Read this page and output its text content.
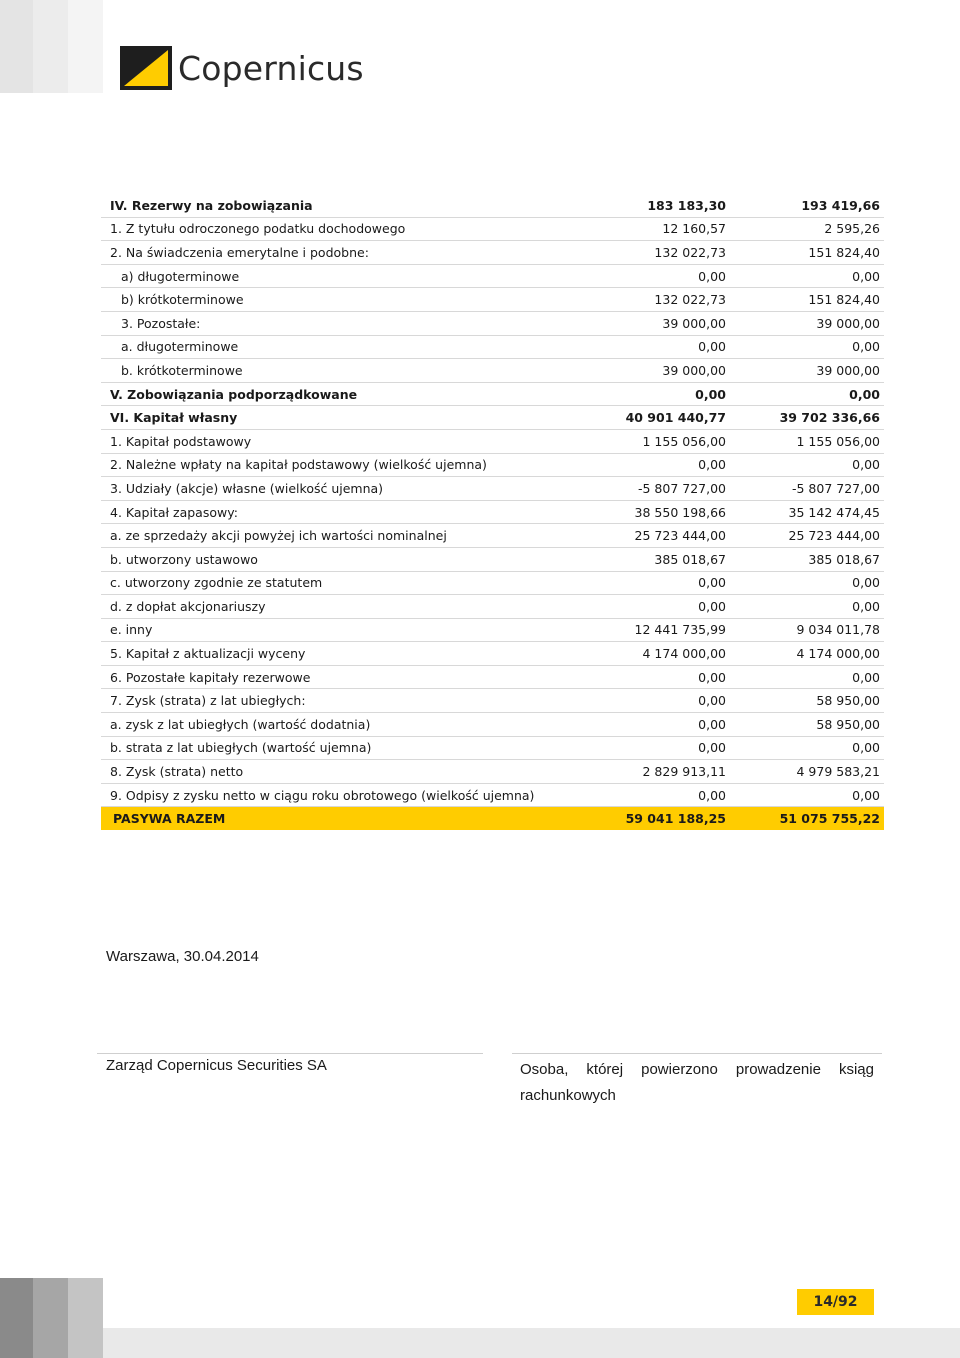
Copernicus
IV. Rezerwy na zobowiązania	183 183,30	193 419,66
1. Z tytułu odroczonego podatku dochodowego	12 160,57	2 595,26
2. Na świadczenia emerytalne i podobne:	132 022,73	151 824,40
a) długoterminowe	0,00	0,00
b) krótkoterminowe	132 022,73	151 824,40
3. Pozostałe:	39 000,00	39 000,00
a. długoterminowe	0,00	0,00
b. krótkoterminowe	39 000,00	39 000,00
V. Zobowiązania podporządkowane	0,00	0,00
VI. Kapitał własny	40 901 440,77	39 702 336,66
1. Kapitał podstawowy	1 155 056,00	1 155 056,00
2. Należne wpłaty na kapitał podstawowy (wielkość ujemna)	0,00	0,00
3. Udziały (akcje) własne (wielkość ujemna)	-5 807 727,00	-5 807 727,00
4. Kapitał zapasowy:	38 550 198,66	35 142 474,45
a. ze sprzedaży akcji powyżej ich wartości nominalnej	25 723 444,00	25 723 444,00
b. utworzony ustawowo	385 018,67	385 018,67
c. utworzony zgodnie ze statutem	0,00	0,00
d. z dopłat akcjonariuszy	0,00	0,00
e. inny	12 441 735,99	9 034 011,78
5. Kapitał z aktualizacji wyceny	4 174 000,00	4 174 000,00
6. Pozostałe kapitały rezerwowe	0,00	0,00
7. Zysk (strata) z lat ubiegłych:	0,00	58 950,00
a. zysk z lat ubiegłych (wartość dodatnia)	0,00	58 950,00
b. strata z lat ubiegłych (wartość ujemna)	0,00	0,00
8. Zysk (strata) netto	2 829 913,11	4 979 583,21
9. Odpisy z zysku netto w ciągu roku obrotowego (wielkość ujemna)	0,00	0,00
PASYWA RAZEM	59 041 188,25	51 075 755,22
Warszawa, 30.04.2014
Zarząd Copernicus Securities SA	Osoba, której powierzono prowadzenie ksiąg
rachunkowych
14/92
